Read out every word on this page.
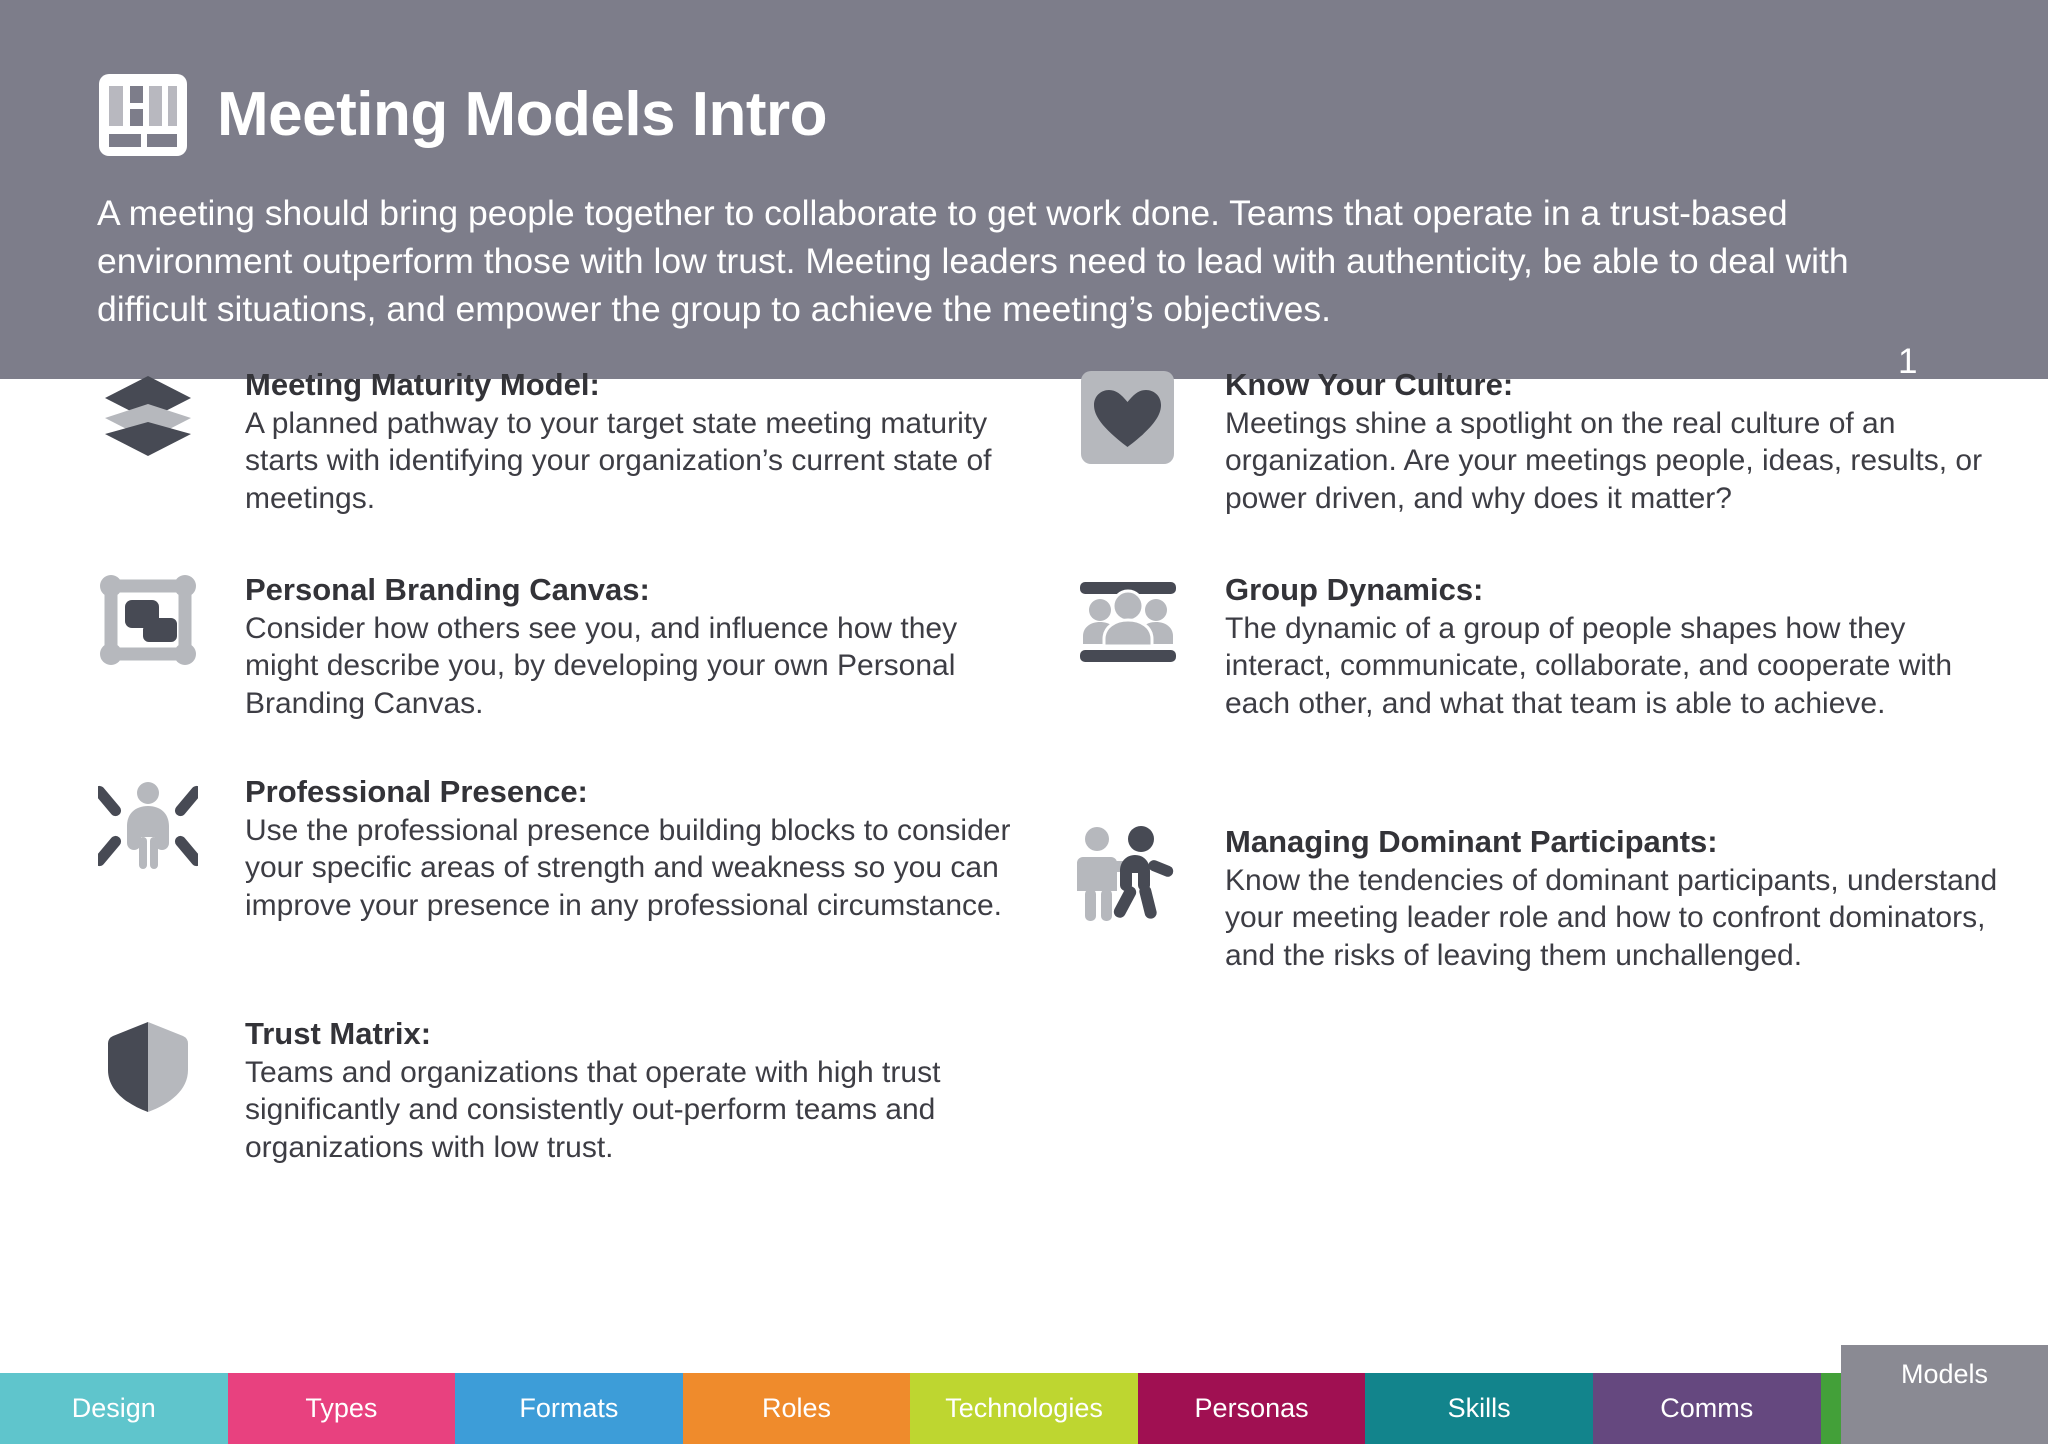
Meeting Models Intro
A meeting should bring people together to collaborate to get work done. Teams that operate in a trust-based environment outperform those with low trust. Meeting leaders need to lead with authenticity, be able to deal with difficult situations, and empower the group to achieve the meeting’s objectives.
1
Meeting Maturity Model:
A planned pathway to your target state meeting maturity starts with identifying your organization’s current state of meetings.
Personal Branding Canvas:
Consider how others see you, and influence how they might describe you, by developing your own Personal Branding Canvas.
Professional Presence:
Use the professional presence building blocks to consider your specific areas of strength and weakness so you can improve your presence in any professional circumstance.
Trust Matrix:
Teams and organizations that operate with high trust significantly and consistently out-perform teams and organizations with low trust.
Know Your Culture:
Meetings shine a spotlight on the real culture of an organization. Are your meetings people, ideas, results, or power driven, and why does it matter?
Group Dynamics:
The dynamic of a group of people shapes how they interact, communicate, collaborate, and cooperate with each other, and what that team is able to achieve.
Managing Dominant Participants:
Know the tendencies of dominant participants, understand your meeting leader role and how to confront dominators, and the risks of leaving them unchallenged.
Design	Types	Formats	Roles	Technologies	Personas	Skills	Comms
Models
